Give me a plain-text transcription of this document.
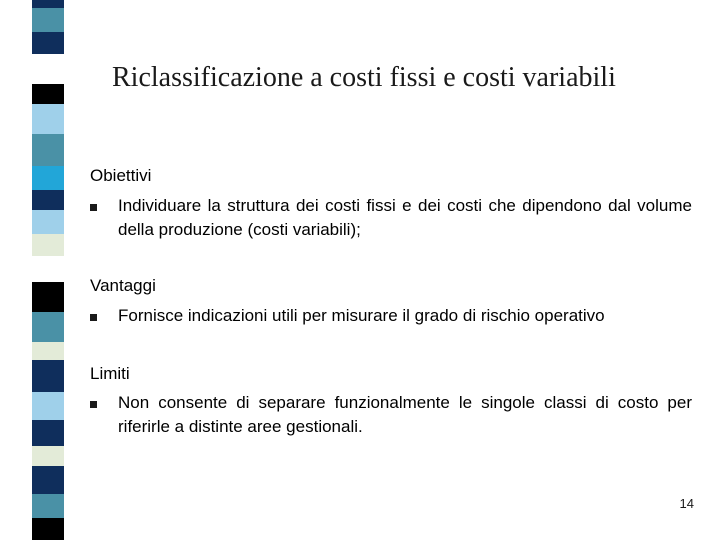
Riclassificazione a costi fissi e costi variabili
Obiettivi
Individuare la struttura dei costi fissi e dei costi che dipendono dal volume della produzione (costi variabili);
Vantaggi
Fornisce indicazioni utili per misurare il grado di rischio operativo
Limiti
Non consente di separare funzionalmente le singole classi di costo per riferirle a distinte aree gestionali.
14
